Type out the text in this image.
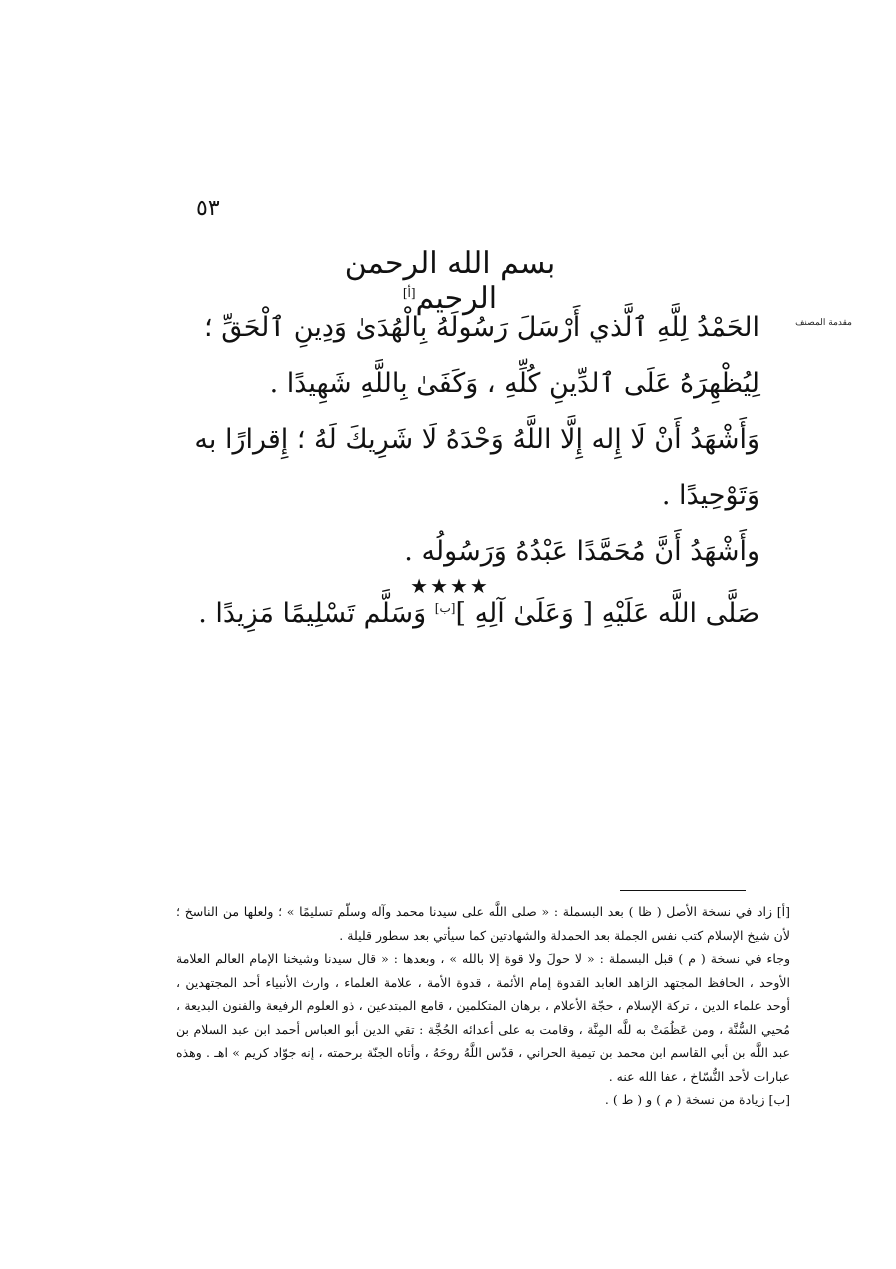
٥٣
بسم الله الرحمن الرحيم[أ]
مقدمة المصنف

الحَمْدُ لِلَّهِ ٱلَّذي أَرْسَلَ رَسُولَهُ بِالْهُدَىٰ وَدِينِ ٱلْحَقِّ ؛ لِيُظْهِرَهُ عَلَى ٱلدِّينِ كُلِّهِ ، وَكَفَىٰ بِاللَّهِ شَهِيدًا .

وَأَشْهَدُ أَنْ لَا إِله إِلَّا اللَّهُ وَحْدَهُ لَا شَرِيكَ لَهُ ؛ إِقرارًا به وَتَوْحِيدًا .

وأَشْهَدُ أَنَّ مُحَمَّدًا عَبْدُهُ وَرَسُولُه .

صَلَّى اللَّه عَلَيْهِ [ وَعَلَىٰ آلِهِ ][ب] وَسَلَّم تَسْلِيمًا مَزِيدًا .

★★★★

[أ] زاد في نسخة الأصل ( ظا ) بعد البسملة : « صلى اللَّه على سيدنا محمد وآله وسلّم تسليمًا » ؛ ولعلها من الناسخ ؛ لأن شيخ الإسلام كتب نفس الجملة بعد الحمدلة والشهادتين كما سيأتي بعد سطور قليلة .

وجاء في نسخة ( م ) قبل البسملة : « لا حولَ ولا قوة إلا بالله » ، وبعدها : « قال سيدنا وشيخنا الإمام العالم العلامة الأوحد ، الحافظ المجتهد الزاهد العابد القدوة إمام الأئمة ، قدوة الأمة ، علامة العلماء ، وارث الأنبياء أحد المجتهدين ، أوحد علماء الدين ، تركة الإسلام ، حجّة الأعلام ، برهان المتكلمين ، قامع المبتدعين ، ذو العلوم الرفيعة والفنون البديعة ، مُحيي السُّنَّة ، ومن عَظُمَتْ به للَّه المِنَّة ، وقامت به على أعدائه الحُجَّة : تقي الدين أبو العباس أحمد ابن عبد السلام بن عبد اللَّه بن أبي القاسم ابن محمد بن تيمية الحراني ، قدّس اللَّهُ روحَهُ ، وأتاه الجنّة برحمته ، إنه جوّاد كريم » اهـ . وهذه عبارات لأحد النُّسّاخ ، عفا الله عنه .

[ب] زيادة من نسخة ( م ) و ( ط ) .
